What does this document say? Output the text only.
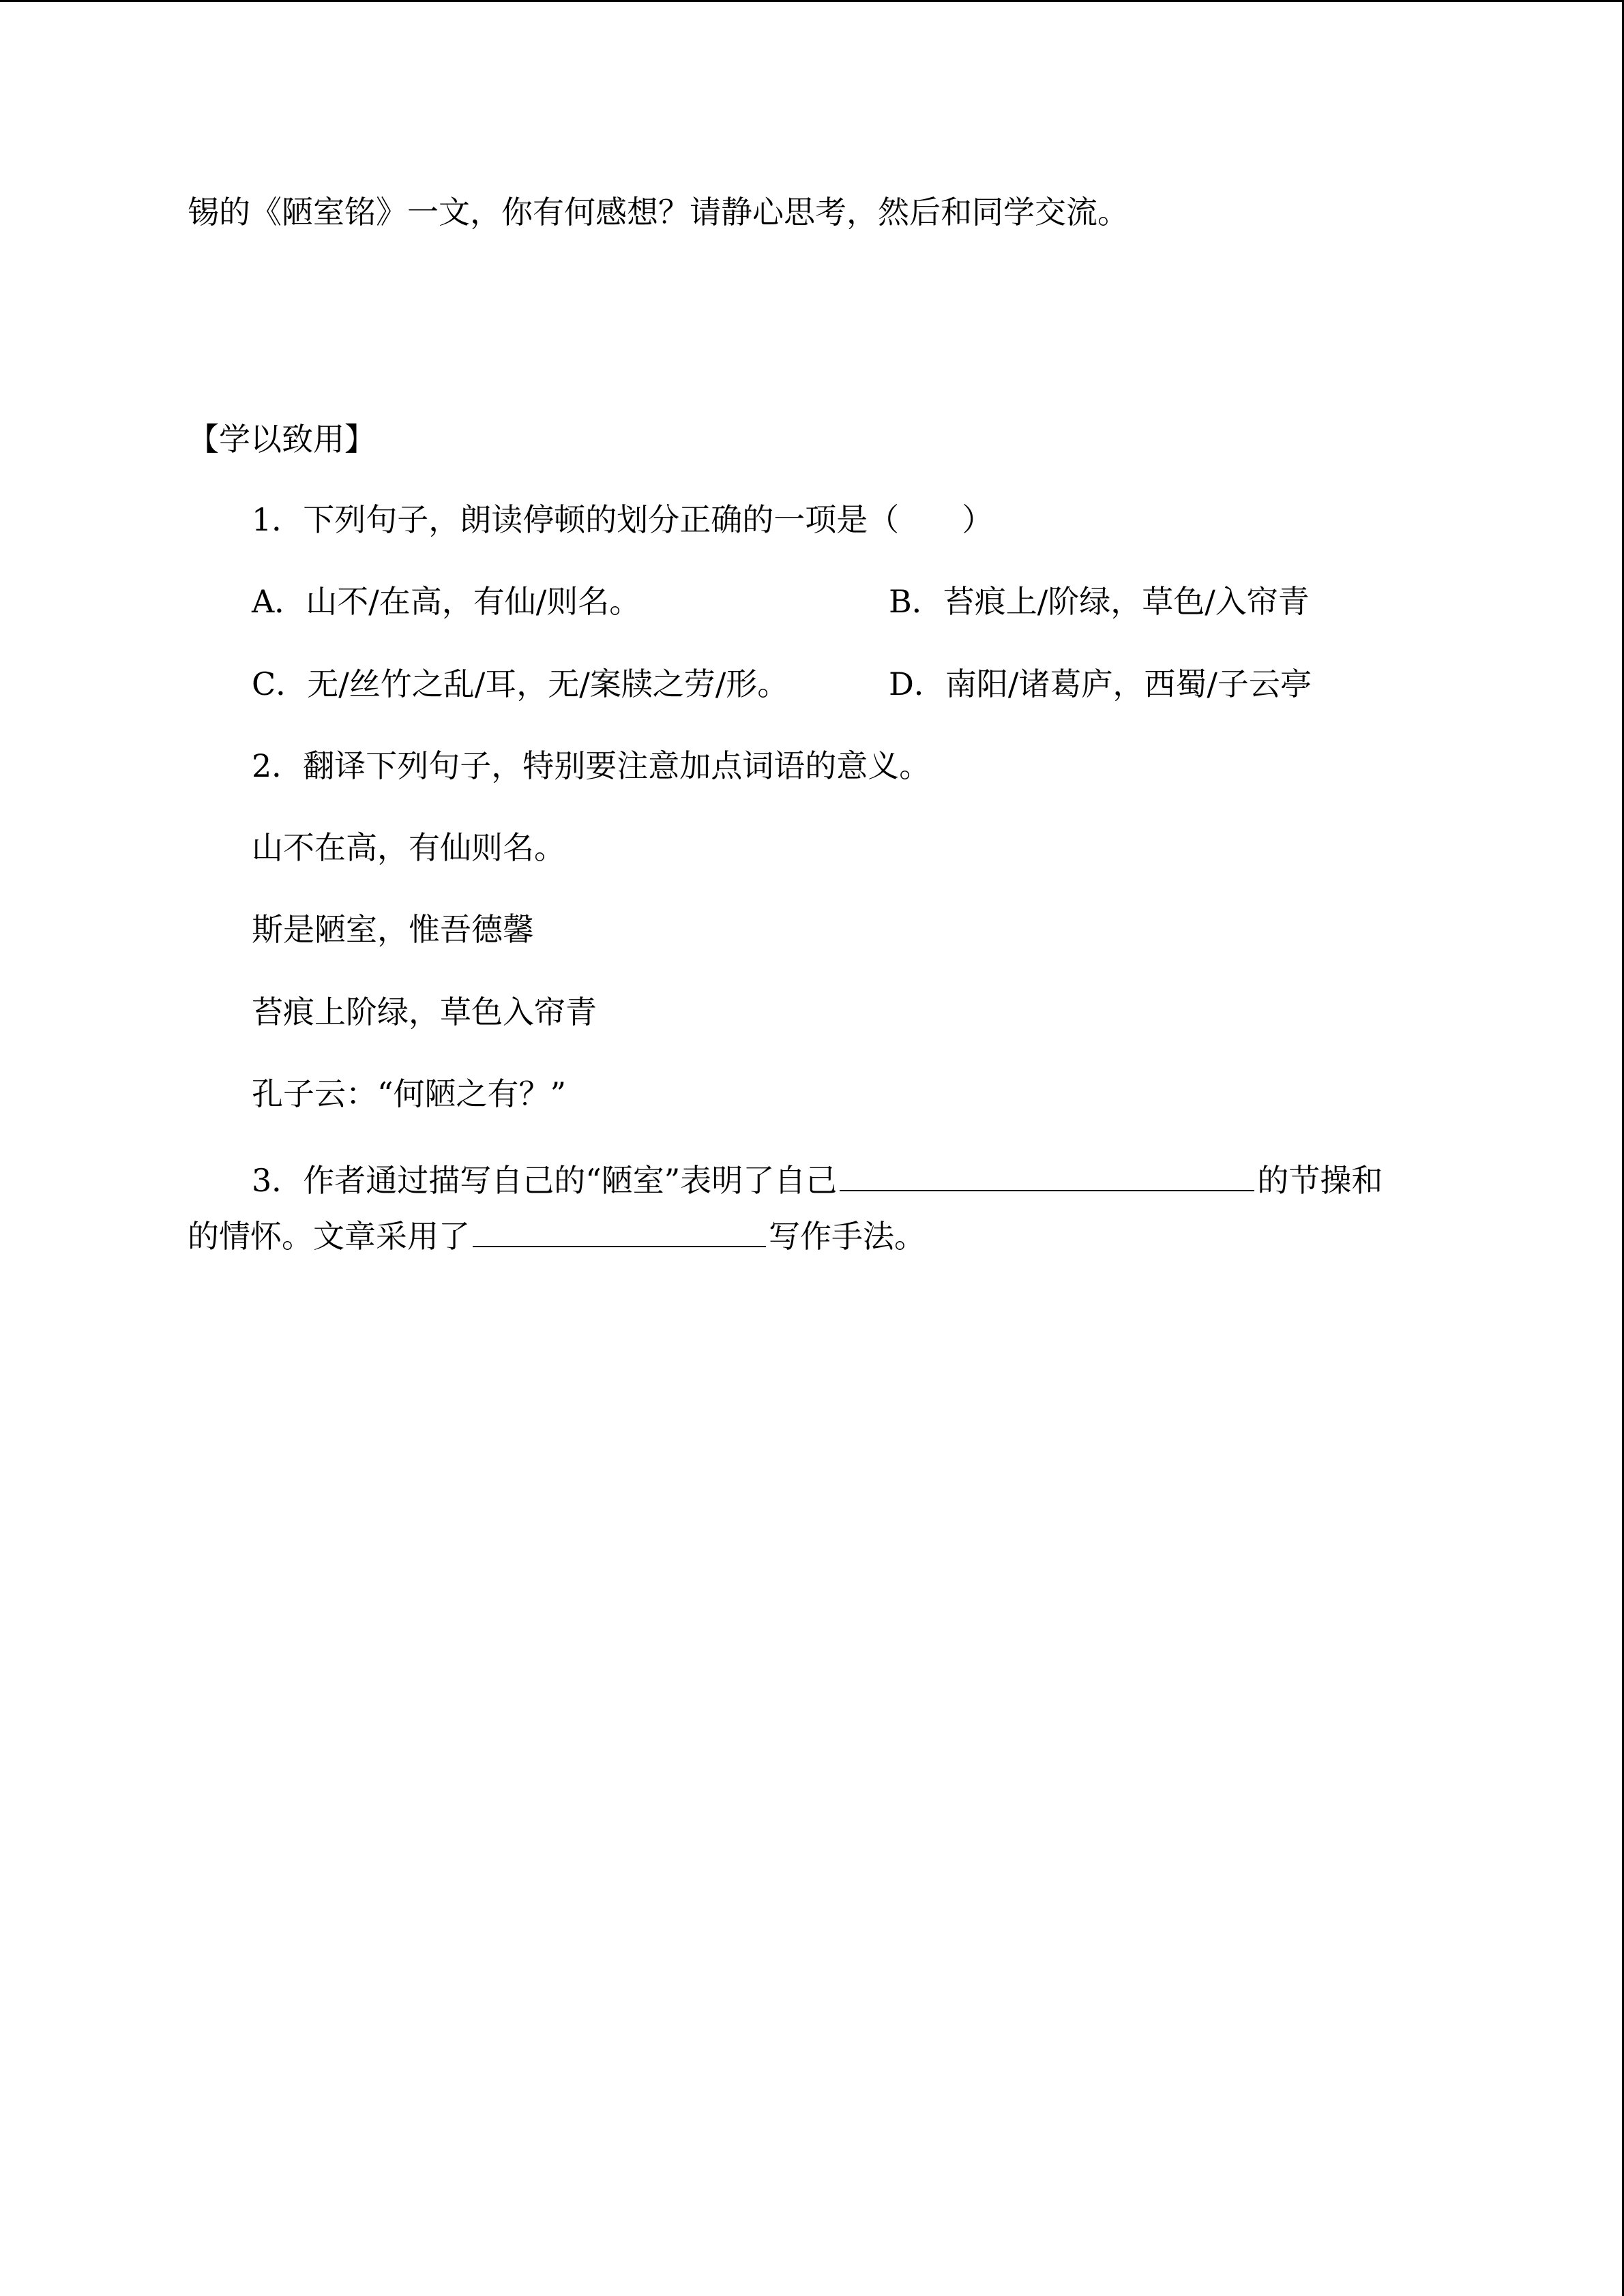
锡的《陋室铭》一文，你有何感想？请静心思考，然后和同学交流。
【学以致用】
1．下列句子，朗读停顿的划分正确的一项是（　　）
A．山不/在高，有仙/则名。	B．苔痕上/阶绿，草色/入帘青
C．无/丝竹之乱/耳，无/案牍之劳/形。	D．南阳/诸葛庐，西蜀/子云亭
2．翻译下列句子，特别要注意加点词语的意义。
山不在高，有仙则名。
斯是陋室，惟吾德馨
苔痕上阶绿，草色入帘青
孔子云：“何陋之有？”
3．作者通过描写自己的“陋室”表明了自己	的节操和
的情怀。文章采用了	写作手法。
